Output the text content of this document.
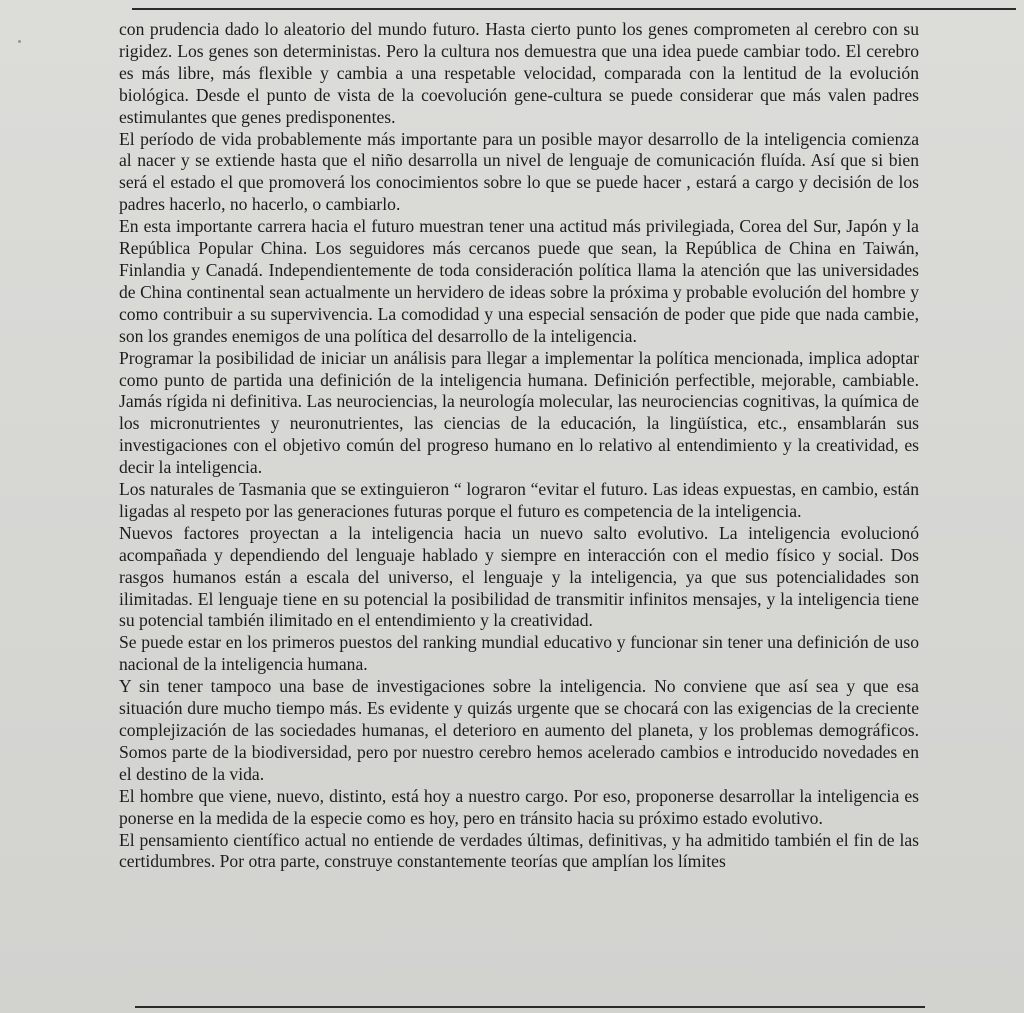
con prudencia dado lo aleatorio del mundo futuro. Hasta cierto punto los genes comprometen al cerebro con su rigidez. Los genes son deterministas. Pero la cultura nos demuestra que una idea puede cambiar todo. El cerebro es más libre, más flexible y cambia a una respetable velocidad, comparada con la lentitud de la evolución biológica. Desde el punto de vista de la coevolución gene-cultura se puede considerar que más valen padres estimulantes que genes predisponentes.

El período de vida probablemente más importante para un posible mayor desarrollo de la inteligencia comienza al nacer y se extiende hasta que el niño desarrolla un nivel de lenguaje de comunicación fluída. Así que si bien será el estado el que promoverá los conocimientos sobre lo que se puede hacer , estará a cargo y decisión de los padres hacerlo, no hacerlo, o cambiarlo.

En esta importante carrera hacia el futuro muestran tener una actitud más privilegiada, Corea del Sur, Japón y la República Popular China. Los seguidores más cercanos puede que sean, la República de China en Taiwán, Finlandia y Canadá. Independientemente de toda consideración política llama la atención que las universidades de China continental sean actualmente un hervidero de ideas sobre la próxima y probable evolución del hombre y como contribuir a su supervivencia. La comodidad y una especial sensación de poder que pide que nada cambie, son los grandes enemigos de una política del desarrollo de la inteligencia.

Programar la posibilidad de iniciar un análisis para llegar a implementar la política mencionada, implica adoptar como punto de partida una definición de la inteligencia humana. Definición perfectible, mejorable, cambiable. Jamás rígida ni definitiva. Las neurociencias, la neurología molecular, las neurociencias cognitivas, la química de los micronutrientes y neuronutrientes, las ciencias de la educación, la lingüística, etc., ensamblarán sus investigaciones con el objetivo común del progreso humano en lo relativo al entendimiento y la creatividad, es decir la inteligencia.

Los naturales de Tasmania que se extinguieron “ lograron “evitar el futuro. Las ideas expuestas, en cambio, están ligadas al respeto por las generaciones futuras porque el futuro es competencia de la inteligencia.

Nuevos factores proyectan a la inteligencia hacia un nuevo salto evolutivo. La inteligencia evolucionó acompañada y dependiendo del lenguaje hablado y siempre en interacción con el medio físico y social. Dos rasgos humanos están a escala del universo, el lenguaje y la inteligencia, ya que sus potencialidades son ilimitadas. El lenguaje tiene en su potencial la posibilidad de transmitir infinitos mensajes, y la inteligencia tiene su potencial también ilimitado en el entendimiento y la creatividad.

Se puede estar en los primeros puestos del ranking mundial educativo y funcionar sin tener una definición de uso nacional de la inteligencia humana.

Y sin tener tampoco una base de investigaciones sobre la inteligencia. No conviene que así sea y que esa situación dure mucho tiempo más. Es evidente y quizás urgente que se chocará con las exigencias de la creciente complejización de las sociedades humanas, el deterioro en aumento del planeta, y los problemas demográficos. Somos parte de la biodiversidad, pero por nuestro cerebro hemos acelerado cambios e introducido novedades en el destino de la vida.

El hombre que viene, nuevo, distinto, está hoy a nuestro cargo. Por eso, proponerse desarrollar la inteligencia es ponerse en la medida de la especie como es hoy, pero en tránsito hacia su próximo estado evolutivo.

El pensamiento científico actual no entiende de verdades últimas, definitivas, y ha admitido también el fin de las certidumbres. Por otra parte, construye constantemente teorías que amplían los límites
